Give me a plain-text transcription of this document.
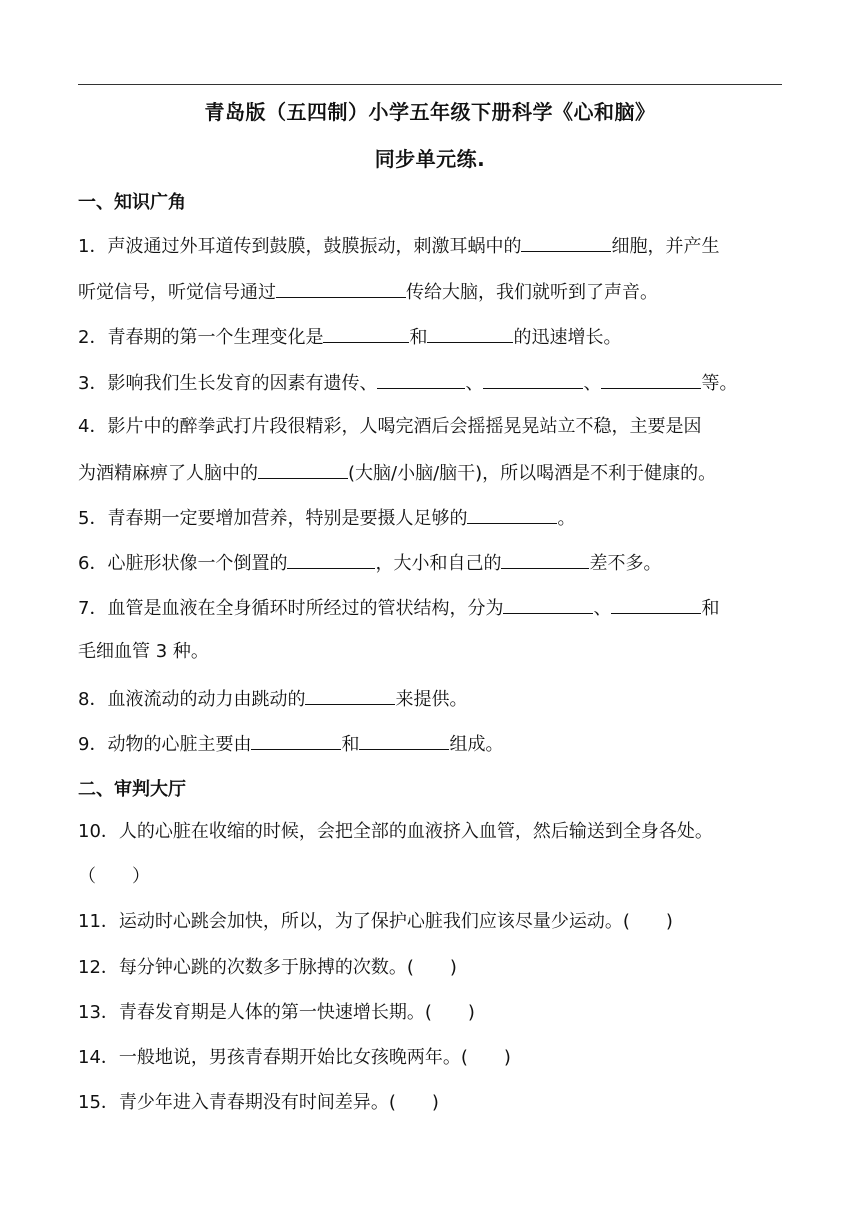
青岛版（五四制）小学五年级下册科学《心和脑》
同步单元练.
一、知识广角
1．声波通过外耳道传到鼓膜，鼓膜振动，刺激耳蜗中的	细胞，并产生
听觉信号，听觉信号通过	传给大脑，我们就听到了声音。
2．青春期的第一个生理变化是	和	的迅速增长。
3．影响我们生长发育的因素有遗传、	、	、	等。
4．影片中的醉拳武打片段很精彩，人喝完酒后会摇摇晃晃站立不稳，主要是因
为酒精麻痹了人脑中的	(大脑/小脑/脑干)，所以喝酒是不利于健康的。
5．青春期一定要增加营养，特别是要摄人足够的	。
6．心脏形状像一个倒置的	，大小和自己的	差不多。
7．血管是血液在全身循环时所经过的管状结构，分为	、	和
毛细血管 3 种。
8．血液流动的动力由跳动的	来提供。
9．动物的心脏主要由	和	组成。
二、审判大厅
10．人的心脏在收缩的时候，会把全部的血液挤入血管，然后输送到全身各处。
（　　）
11．运动时心跳会加快，所以，为了保护心脏我们应该尽量少运动。(　　)
12．每分钟心跳的次数多于脉搏的次数。(　　)
13．青春发育期是人体的第一快速增长期。(　　)
14．一般地说，男孩青春期开始比女孩晚两年。(　　)
15．青少年进入青春期没有时间差异。(　　)
